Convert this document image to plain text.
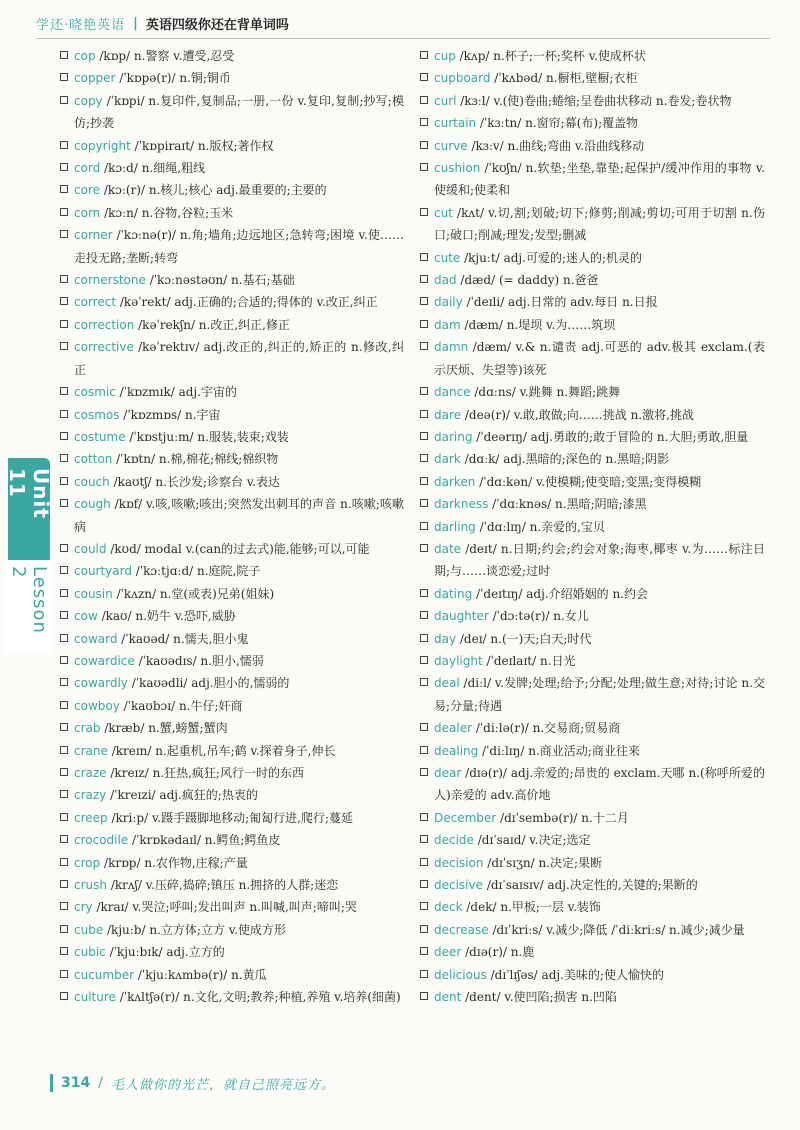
学还·晓艳英语 | 英语四级你还在背单词吗

cop /kɒp/ n.警察 v.遭受,忍受

copper /ˈkɒpə(r)/ n.铜;铜币

copy /ˈkɒpi/ n.复印件,复制品;一册,一份 v.复印,复制;抄写;模仿;抄袭

copyright /ˈkɒpiraɪt/ n.版权;著作权

cord /kɔːd/ n.细绳,粗线

core /kɔː(r)/ n.核儿;核心 adj.最重要的;主要的

corn /kɔːn/ n.谷物,谷粒;玉米

corner /ˈkɔːnə(r)/ n.角;墙角;边远地区;急转弯;困境 v.使……走投无路;垄断;转弯

cornerstone /ˈkɔːnəstəʊn/ n.基石;基础

correct /kəˈrekt/ adj.正确的;合适的;得体的 v.改正,纠正

correction /kəˈrekʃn/ n.改正,纠正,修正

corrective /kəˈrektɪv/ adj.改正的,纠正的,矫正的 n.修改,纠正

cosmic /ˈkɒzmɪk/ adj.宇宙的

cosmos /ˈkɒzmɒs/ n.宇宙

costume /ˈkɒstjuːm/ n.服装,装束;戏装

cotton /ˈkɒtn/ n.棉,棉花;棉线;棉织物

couch /kaʊtʃ/ n.长沙发;诊察台 v.表达

cough /kɒf/ v.咳,咳嗽;咳出;突然发出刺耳的声音 n.咳嗽;咳嗽病

could /kʊd/ modal v.(can的过去式)能,能够;可以,可能

courtyard /ˈkɔːtjɑːd/ n.庭院,院子

cousin /ˈkʌzn/ n.堂(或表)兄弟(姐妹)

cow /kaʊ/ n.奶牛 v.恐吓,威胁

coward /ˈkaʊəd/ n.懦夫,胆小鬼

cowardice /ˈkaʊədɪs/ n.胆小,懦弱

cowardly /ˈkaʊədli/ adj.胆小的,懦弱的

cowboy /ˈkaʊbɔɪ/ n.牛仔;奸商

crab /kræb/ n.蟹,螃蟹;蟹肉

crane /kreɪn/ n.起重机,吊车;鹤 v.探着身子,伸长

craze /kreɪz/ n.狂热,疯狂;风行一时的东西

crazy /ˈkreɪzi/ adj.疯狂的;热衷的

creep /kriːp/ v.蹑手蹑脚地移动;匍匐行进,爬行;蔓延

crocodile /ˈkrɒkədaɪl/ n.鳄鱼;鳄鱼皮

crop /krɒp/ n.农作物,庄稼;产量

crush /krʌʃ/ v.压碎,捣碎;镇压 n.拥挤的人群;迷恋

cry /kraɪ/ v.哭泣;呼叫;发出叫声 n.叫喊,叫声;啼叫;哭

cube /kjuːb/ n.立方体;立方 v.使成方形

cubic /ˈkjuːbɪk/ adj.立方的

cucumber /ˈkjuːkʌmbə(r)/ n.黄瓜

culture /ˈkʌltʃə(r)/ n.文化,文明;教养;种植,养殖 v.培养(细菌)

cup /kʌp/ n.杯子;一杯;奖杯 v.使成杯状

cupboard /ˈkʌbəd/ n.橱柜,壁橱;衣柜

curl /kɜːl/ v.(使)卷曲;蜷缩;呈卷曲状移动 n.卷发;卷状物

curtain /ˈkɜːtn/ n.窗帘;幕(布);覆盖物

curve /kɜːv/ n.曲线;弯曲 v.沿曲线移动

cushion /ˈkʊʃn/ n.软垫;坐垫,靠垫;起保护/缓冲作用的事物 v.使缓和;使柔和

cut /kʌt/ v.切,割;划破;切下;修剪;削减;剪切;可用于切割 n.伤口;破口;削减;理发;发型;删减

cute /kjuːt/ adj.可爱的;迷人的;机灵的

dad /dæd/ (= daddy) n.爸爸

daily /ˈdeɪli/ adj.日常的 adv.每日 n.日报

dam /dæm/ n.堤坝 v.为……筑坝

damn /dæm/ v.& n.谴责 adj.可恶的 adv.极其 exclam.(表示厌烦、失望等)该死

dance /dɑːns/ v.跳舞 n.舞蹈;跳舞

dare /deə(r)/ v.敢,敢做;向……挑战 n.激将,挑战

daring /ˈdeərɪŋ/ adj.勇敢的;敢于冒险的 n.大胆;勇敢,胆量

dark /dɑːk/ adj.黑暗的;深色的 n.黑暗;阴影

darken /ˈdɑːkən/ v.使模糊;使变暗;变黑;变得模糊

darkness /ˈdɑːknəs/ n.黑暗;阴暗;漆黑

darling /ˈdɑːlɪŋ/ n.亲爱的,宝贝

date /deɪt/ n.日期;约会;约会对象;海枣,椰枣 v.为……标注日期;与……谈恋爱;过时

dating /ˈdeɪtɪŋ/ adj.介绍婚姻的 n.约会

daughter /ˈdɔːtə(r)/ n.女儿

day /deɪ/ n.(一)天;白天;时代

daylight /ˈdeɪlaɪt/ n.日光

deal /diːl/ v.发牌;处理;给予;分配;处理;做生意;对待;讨论 n.交易;分量;待遇

dealer /ˈdiːlə(r)/ n.交易商;贸易商

dealing /ˈdiːlɪŋ/ n.商业活动;商业往来

dear /dɪə(r)/ adj.亲爱的;昂贵的 exclam.天哪 n.(称呼所爱的人)亲爱的 adv.高价地

December /dɪˈsembə(r)/ n.十二月

decide /dɪˈsaɪd/ v.决定;选定

decision /dɪˈsɪʒn/ n.决定;果断

decisive /dɪˈsaɪsɪv/ adj.决定性的,关键的;果断的

deck /dek/ n.甲板;一层 v.装饰

decrease /dɪˈkriːs/ v.减少;降低 /ˈdiːkriːs/ n.减少;减少量

deer /dɪə(r)/ n.鹿

delicious /dɪˈlɪʃəs/ adj.美味的;使人愉快的

dent /dent/ v.使凹陷;损害 n.凹陷

Unit 11
Lesson 2
314 / 毛人做你的光芒，就自己照亮远方。
